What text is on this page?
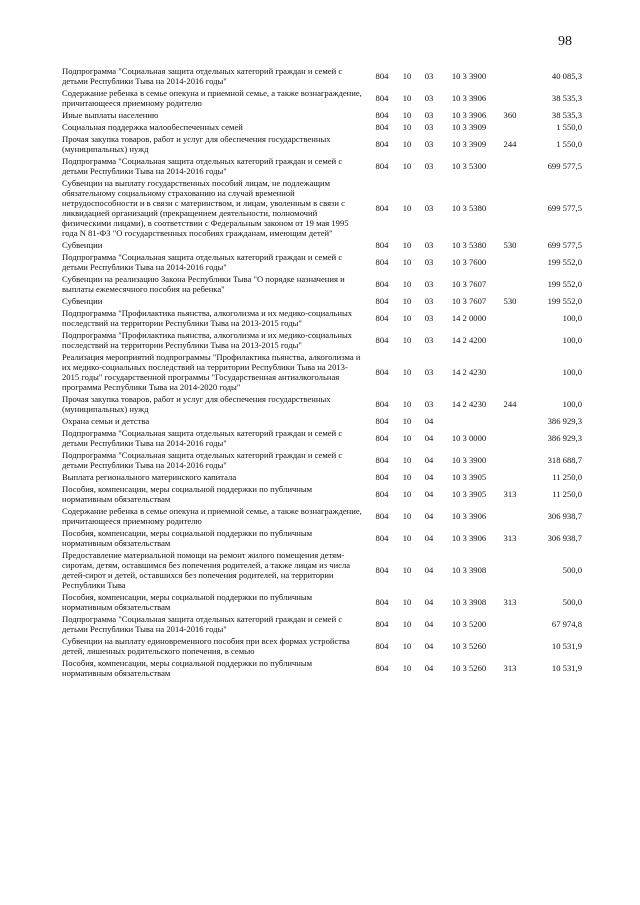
98
Подпрограмма "Социальная защита отдельных категорий граждан и семей с детьми Республики Тыва на 2014-2016 годы"	804	10	03	10 3 3900		40 085,3
Содержание ребенка в семье опекуна и приемной семье, а также вознаграждение, причитающееся приемному родителю	804	10	03	10 3 3906		38 535,3
Иные выплаты населению	804	10	03	10 3 3906	360	38 535,3
Социальная поддержка малообеспеченных семей	804	10	03	10 3 3909		1 550,0
Прочая закупка товаров, работ и услуг для обеспечения государственных (муниципальных) нужд	804	10	03	10 3 3909	244	1 550,0
Подпрограмма "Социальная защита отдельных категорий граждан и семей с детьми Республики Тыва на 2014-2016 годы"	804	10	03	10 3 5300		699 577,5
Субвенции на выплату государственных пособий лицам, не подлежащим обязательному социальному страхованию на случай временной нетрудоспособности и в связи с материнством, и лицам, уволенным в связи с ликвидацией организаций (прекращением деятельности, полномочий физическими лицами), в соответствии с Федеральным законом от 19 мая 1995 года N 81-ФЗ "О государственных пособиях гражданам, имеющим детей"	804	10	03	10 3 5380		699 577,5
Субвенции	804	10	03	10 3 5380	530	699 577,5
Подпрограмма "Социальная защита отдельных категорий граждан и семей с детьми Республики Тыва на 2014-2016 годы"	804	10	03	10 3 7600		199 552,0
Субвенции на реализацию Закона Республики Тыва "О порядке назначения и выплаты ежемесячного пособия на ребенка"	804	10	03	10 3 7607		199 552,0
Субвенции	804	10	03	10 3 7607	530	199 552,0
Подпрограмма "Профилактика пьянства, алкоголизма и их медико-социальных последствий на территории Республики Тыва на 2013-2015 годы"	804	10	03	14 2 0000		100,0
Подпрограмма "Профилактика пьянства, алкоголизма и их медико-социальных последствий на территории Республики Тыва на 2013-2015 годы"	804	10	03	14 2 4200		100,0
Реализация мероприятий подпрограммы "Профилактика пьянства, алкоголизма и их медико-социальных последствий на территории Республики Тыва на 2013-2015 годы" государственной программы "Государственная антиалкогольная программа Республики Тыва на 2014-2020 годы"	804	10	03	14 2 4230		100,0
Прочая закупка товаров, работ и услуг для обеспечения государственных (муниципальных) нужд	804	10	03	14 2 4230	244	100,0
Охрана семьи и детства	804	10	04			386 929,3
Подпрограмма "Социальная защита отдельных категорий граждан и семей с детьми Республики Тыва на 2014-2016 годы"	804	10	04	10 3 0000		386 929,3
Подпрограмма "Социальная защита отдельных категорий граждан и семей с детьми Республики Тыва на 2014-2016 годы"	804	10	04	10 3 3900		318 688,7
Выплата регионального материнского капитала	804	10	04	10 3 3905		11 250,0
Пособия, компенсации, меры социальной поддержки по публичным нормативным обязательствам	804	10	04	10 3 3905	313	11 250,0
Содержание ребенка в семье опекуна и приемной семье, а также вознаграждение, причитающееся приемному родителю	804	10	04	10 3 3906		306 938,7
Пособия, компенсации, меры социальной поддержки по публичным нормативным обязательствам	804	10	04	10 3 3906	313	306 938,7
Предоставление материальной помощи на ремонт жилого помещения детям-сиротам, детям, оставшимся без попечения родителей, а также лицам из числа детей-сирот и детей, оставшихся без попечения родителей, на территории Республики Тыва	804	10	04	10 3 3908		500,0
Пособия, компенсации, меры социальной поддержки по публичным нормативным обязательствам	804	10	04	10 3 3908	313	500,0
Подпрограмма "Социальная защита отдельных категорий граждан и семей с детьми Республики Тыва на 2014-2016 годы"	804	10	04	10 3 5200		67 974,8
Субвенции на выплату единовременного пособия при всех формах устройства детей, лишенных родительского попечения, в семью	804	10	04	10 3 5260		10 531,9
Пособия, компенсации, меры социальной поддержки по публичным нормативным обязательствам	804	10	04	10 3 5260	313	10 531,9
